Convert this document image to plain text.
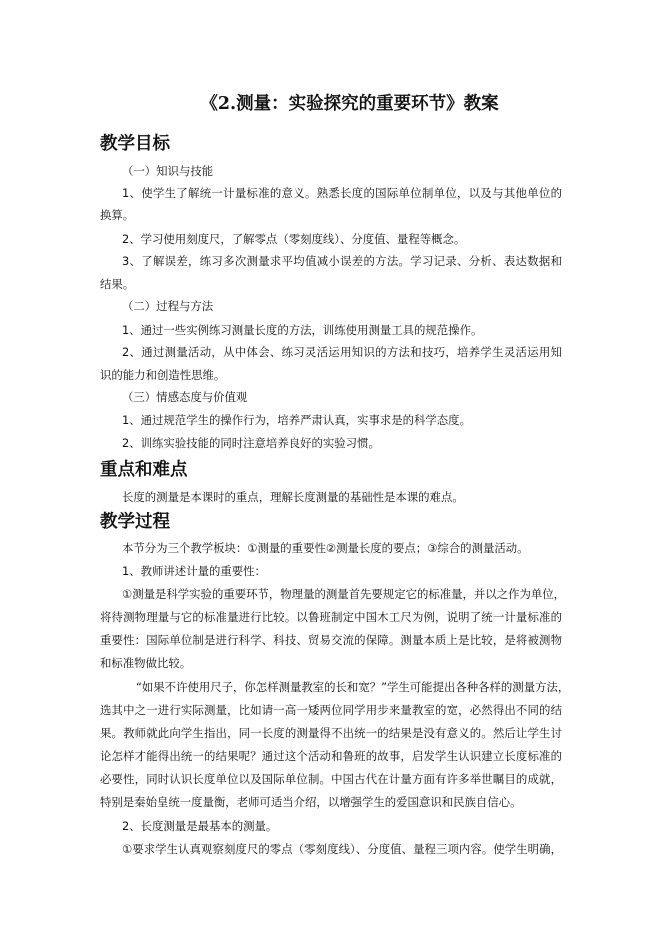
《2.测量：实验探究的重要环节》教案
教学目标
（一）知识与技能
1、使学生了解统一计量标准的意义。熟悉长度的国际单位制单位，以及与其他单位的
换算。
2、学习使用刻度尺，了解零点（零刻度线）、分度值、量程等概念。
3、了解误差，练习多次测量求平均值减小误差的方法。学习记录、分析、表达数据和
结果。
（二）过程与方法
1、通过一些实例练习测量长度的方法，训练使用测量工具的规范操作。
2、通过测量活动，从中体会、练习灵活运用知识的方法和技巧，培养学生灵活运用知
识的能力和创造性思维。
（三）情感态度与价值观
1、通过规范学生的操作行为，培养严肃认真，实事求是的科学态度。
2、训练实验技能的同时注意培养良好的实验习惯。
重点和难点
长度的测量是本课时的重点，理解长度测量的基础性是本课的难点。
教学过程
本节分为三个教学板块：①测量的重要性②测量长度的要点；③综合的测量活动。
1、教师讲述计量的重要性：
①测量是科学实验的重要环节，物理量的测量首先要规定它的标准量，并以之作为单位，
将待测物理量与它的标准量进行比较。以鲁班制定中国木工尺为例，说明了统一计量标准的
重要性：国际单位制是进行科学、科技、贸易交流的保障。测量本质上是比较，是将被测物
和标准物做比较。
“如果不许使用尺子，你怎样测量教室的长和宽？”学生可能提出各种各样的测量方法，
选其中之一进行实际测量，比如请一高一矮两位同学用步来量教室的宽，必然得出不同的结
果。教师就此向学生指出，同一长度的测量得不出统一的结果是没有意义的。然后让学生讨
论怎样才能得出统一的结果呢？通过这个活动和鲁班的故事，启发学生认识建立长度标准的
必要性，同时认识长度单位以及国际单位制。中国古代在计量方面有许多举世瞩目的成就，
特别是秦始皇统一度量衡，老师可适当介绍，以增强学生的爱国意识和民族自信心。
2、长度测量是最基本的测量。
①要求学生认真观察刻度尺的零点（零刻度线）、分度值、量程三项内容。使学生明确，
